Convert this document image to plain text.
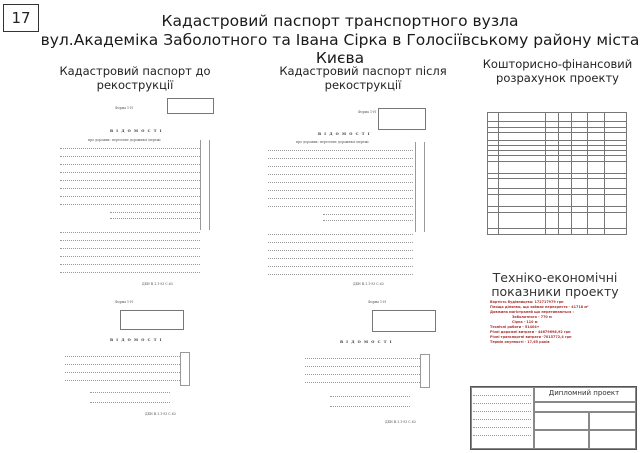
17	Кадастровий паспорт транспортного вузла
вул.Академіка Заболотного та Івана Сірка в Голосіївському району міста Києва
Кадастровий паспорт до рекострукції
Кадастровий паспорт після рекострукції
Кошторисно-фінансовий
розрахунок проекту
Форма 1-Н
В І Д О М О С Т І
про дорожнь: пересічне дорожньої мережі
ДБН В.1.1-93 С.63
Форма 1-Н
В І Д О М О С Т І
ДБН В.1.1-93 С.63
Форма 1-Н
В І Д О М О С Т І
про дорожнь: пересічне дорожньої мережі
ДБН В.1.1-93 С.63
Форма 1-Н
В І Д О М О С Т І
ДБН В.1.1-93 С.63

Техніко-економічні
показники проекту
Вартість будівництва: 172717979 грн
Площа ділянки, що займає перехрестя - 41718 м²
Довжина магістралей що перетинаються :
Заболотного - 770 м
Сірка - 110 м
Технічні роботи - 51404+
Річні дорожні витрати - 44679698,92 грн
Річні транспортні витрати -7015772,4 грн
Термін окупності - 17,65 років
Дипломний проект
